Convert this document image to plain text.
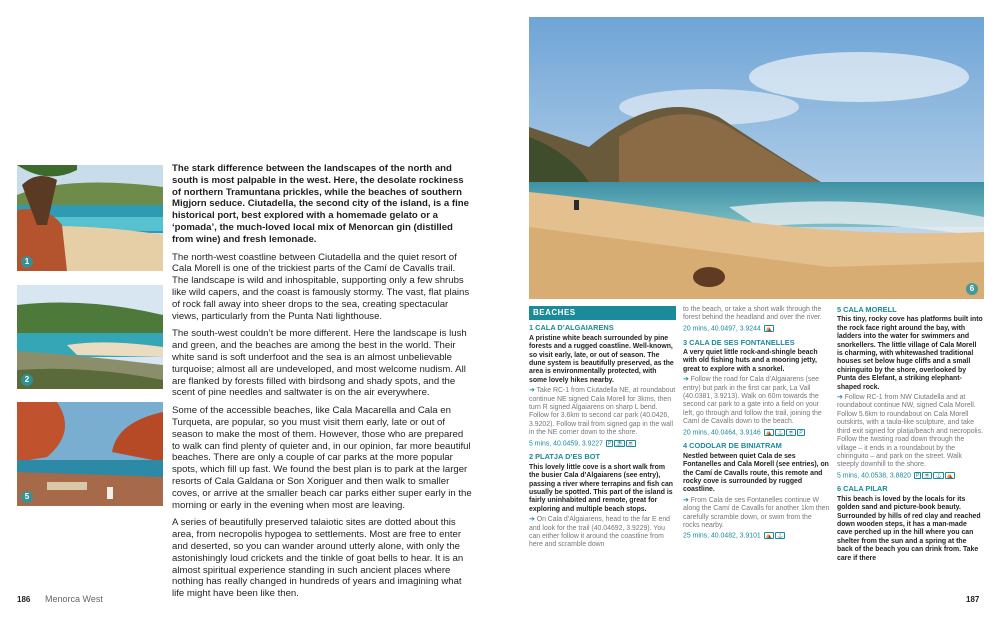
1
2
5

The stark difference between the landscapes of the north and south is most palpable in the west. Here, the desolate rockiness of northern Tramuntana prickles, while the beaches of southern Migjorn seduce. Ciutadella, the second city of the island, is a fine historical port, best explored with a homemade gelato or a ‘pomada’, the much-loved local mix of Menorcan gin (distilled from wine) and fresh lemonade.

The north-west coastline between Ciutadella and the quiet resort of Cala Morell is one of the trickiest parts of the Camí de Cavalls trail. The landscape is wild and inhospitable, supporting only a few shrubs like wild capers, and the coast is famously stormy. The vast, flat plains of rock fall away into sheer drops to the sea, creating spectacular views, particularly from the Punta Nati lighthouse.

The south-west couldn’t be more different. Here the landscape is lush and green, and the beaches are among the best in the world. Their white sand is soft underfoot and the sea is an almost unbelievable turquoise; almost all are undeveloped, and most welcome nudism. All are flanked by forests filled with birdsong and shady spots, and the scent of pine needles and saltwater is on the air everywhere.

Some of the accessible beaches, like Cala Macarella and Cala en Turqueta, are popular, so you must visit them early, late or out of season to make the most of them. However, those who are prepared to walk can find plenty of quieter and, in our opinion, far more beautiful beaches. There are only a couple of car parks at the more popular spots, which fill up fast. We found the best plan is to park at the larger resorts of Cala Galdana or Son Xoriguer and then walk to smaller coves, or arrive at the smaller beach car parks either super early in the morning or early in the evening when most are leaving.

A series of beautifully preserved talaiotic sites are dotted about this area, from necropolis hypogea to settlements. Most are free to enter and deserted, so you can wander around utterly alone, with only the astonishingly loud crickets and the tinkle of goat bells to hear. It is an almost spiritual experience standing in such ancient places where nothing has really changed in hundreds of years and imagining what life might have been like then.

186 Menorca West	187
6
BEACHES
1 CALA D’ALGAIARENS
A pristine white beach surrounded by pine forests and a rugged coastline. Well-known, so visit early, late, or out of season. The dune system is beautifully preserved, as the area is environmentally protected, with some lovely hikes nearby.
➔ Take RC-1 from Ciutadella NE, at roundabout continue NE signed Cala Morell for 3kms, then turn R signed Algaiarens on sharp L bend. Follow for 3.6km to second car park (40.0426, 3.9202). Follow trail from signed gap in the wall in the NE corner down to the shore.
5 mins, 40.0459, 3.9227 P ⛱ ☕
2 PLATJA D’ES BOT
This lovely little cove is a short walk from the busier Cala d’Algaiarens (see entry), passing a river where terrapins and fish can usually be spotted. This part of the island is fairly uninhabited and remote, great for exploring and multiple beach stops.
➔ On Cala d’Algaiarens, head to the far E end and look for the trail (40.04692, 3.9229). You can either follow it around the coastline from here and scramble down
to the beach, or take a short walk through the forest behind the headland and over the river.
20 mins, 40.0497, 3.9244 ⛺
3 CALA DE SES FONTANELLES
A very quiet little rock-and-shingle beach with old fishing huts and a mooring jetty, great to explore with a snorkel.
➔ Follow the road for Cala d’Algaiarens (see entry) but park in the first car park, La Vall (40.0381, 3.9213). Walk on 60m towards the second car park to a gate into a field on your left, go through and follow the trail, joining the Camí de Cavalls down to the beach.
20 mins, 40.0464, 3.9146 ⛺ ⚓ ☕ P
4 CODOLAR DE BINIATRAM
Nestled between quiet Cala de ses Fontanelles and Cala Morell (see entries), on the Camí de Cavalls route, this remote and rocky cove is surrounded by rugged coastline.
➔ From Cala de ses Fontanelles continue W along the Camí de Cavalls for another 1km then carefully scramble down, or swim from the rocks nearby.
25 mins, 40.0482, 3.9101 ⛺ ⚓
5 CALA MORELL
This tiny, rocky cove has platforms built into the rock face right around the bay, with ladders into the water for swimmers and snorkellers. The little village of Cala Morell is charming, with whitewashed traditional houses set below huge cliffs and a small chiringuito by the shore, overlooked by Punta des Elefant, a striking elephant-shaped rock.
➔ Follow RC-1 from NW Ciutadella and at roundabout continue NW, signed Cala Morell. Follow 5.6km to roundabout on Cala Morell outskirts, with a taula-like sculpture, and take third exit signed for platja/beach and necropolis. Follow the twisting road down through the village – it ends in a roundabout by the chiringuito – and park on the street. Walk steeply downhill to the shore.
5 mins, 40.0538, 3.8820 P ☕ ⚓ ⛺
6 CALA PILAR
This beach is loved by the locals for its golden sand and picture-book beauty. Surrounded by hills of red clay and reached down wooden steps, it has a man-made cave perched up in the hill where you can shelter from the sun and a spring at the back of the beach you can drink from. Take care if there
